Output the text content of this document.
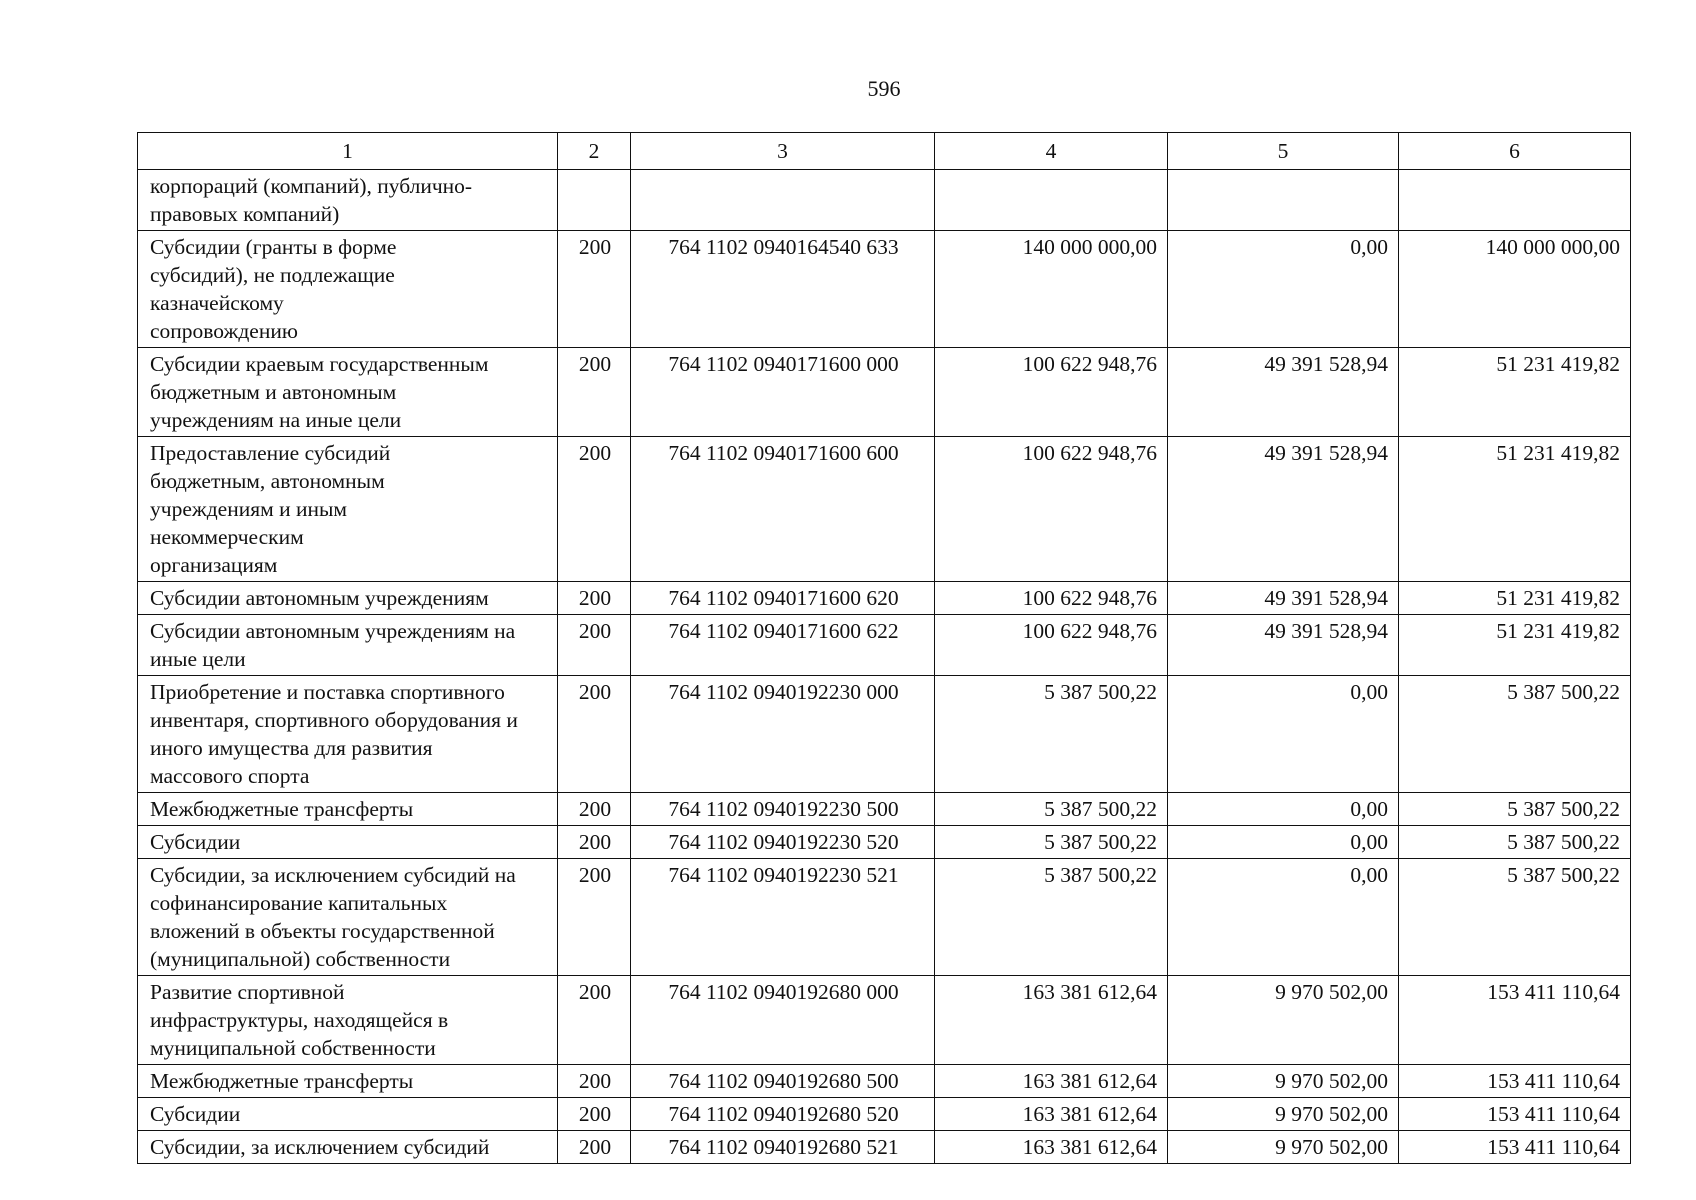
596
1	2	3	4	5	6

корпораций (компаний), публично-правовых компаний)					

Субсидии (гранты в форме субсидий), не подлежащие казначейскому сопровождению	200	764 1102 0940164540 633	140 000 000,00	0,00	140 000 000,00

Субсидии краевым государственным бюджетным и автономным учреждениям на иные цели	200	764 1102 0940171600 000	100 622 948,76	49 391 528,94	51 231 419,82

Предоставление субсидий бюджетным, автономным учреждениям и иным некоммерческим организациям	200	764 1102 0940171600 600	100 622 948,76	49 391 528,94	51 231 419,82

Субсидии автономным учреждениям	200	764 1102 0940171600 620	100 622 948,76	49 391 528,94	51 231 419,82

Субсидии автономным учреждениям на иные цели	200	764 1102 0940171600 622	100 622 948,76	49 391 528,94	51 231 419,82

Приобретение и поставка спортивного инвентаря, спортивного оборудования и иного имущества для развития массового спорта	200	764 1102 0940192230 000	5 387 500,22	0,00	5 387 500,22

Межбюджетные трансферты	200	764 1102 0940192230 500	5 387 500,22	0,00	5 387 500,22

Субсидии	200	764 1102 0940192230 520	5 387 500,22	0,00	5 387 500,22

Субсидии, за исключением субсидий на софинансирование капитальных вложений в объекты государственной (муниципальной) собственности	200	764 1102 0940192230 521	5 387 500,22	0,00	5 387 500,22

Развитие спортивной инфраструктуры, находящейся в муниципальной собственности	200	764 1102 0940192680 000	163 381 612,64	9 970 502,00	153 411 110,64

Межбюджетные трансферты	200	764 1102 0940192680 500	163 381 612,64	9 970 502,00	153 411 110,64

Субсидии	200	764 1102 0940192680 520	163 381 612,64	9 970 502,00	153 411 110,64

Субсидии, за исключением субсидий	200	764 1102 0940192680 521	163 381 612,64	9 970 502,00	153 411 110,64
